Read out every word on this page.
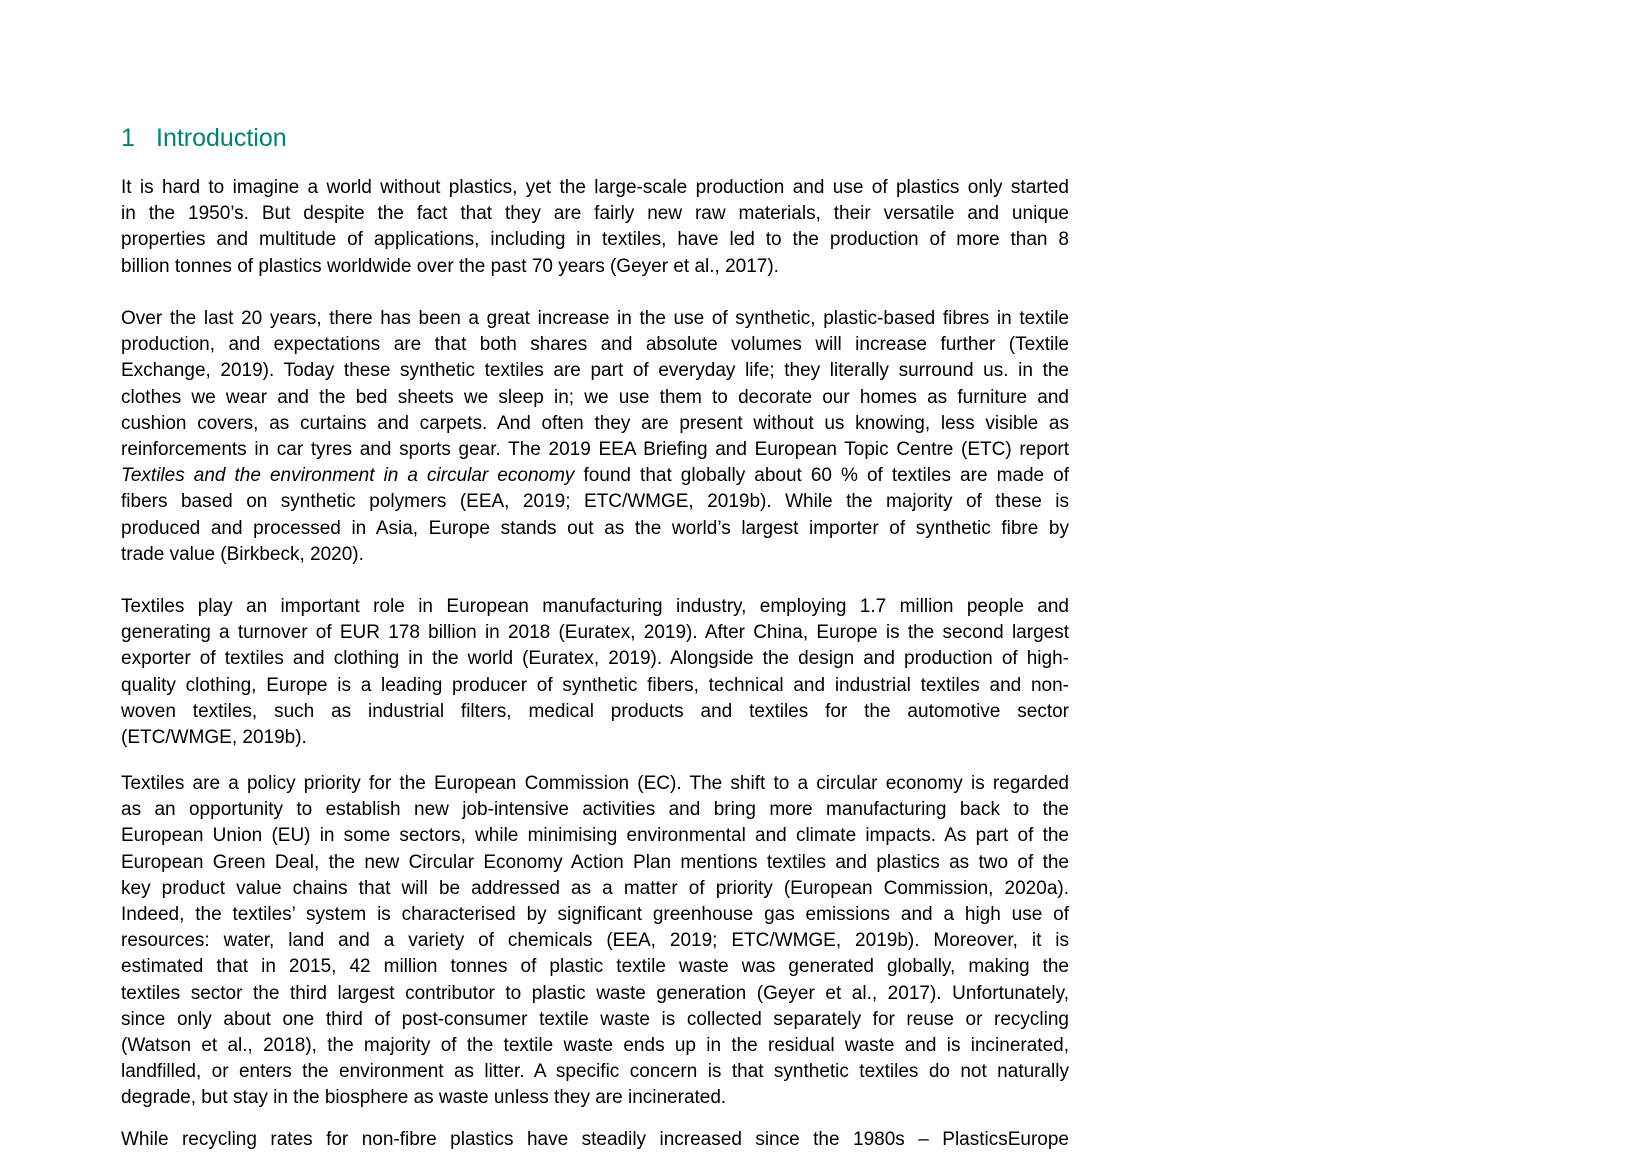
1 Introduction
It is hard to imagine a world without plastics, yet the large-scale production and use of plastics only started
in the 1950’s. But despite the fact that they are fairly new raw materials, their versatile and unique
properties and multitude of applications, including in textiles, have led to the production of more than 8
billion tonnes of plastics worldwide over the past 70 years (Geyer et al., 2017).
Over the last 20 years, there has been a great increase in the use of synthetic, plastic-based fibres in textile
production, and expectations are that both shares and absolute volumes will increase further (Textile
Exchange, 2019). Today these synthetic textiles are part of everyday life; they literally surround us. in the
clothes we wear and the bed sheets we sleep in; we use them to decorate our homes as furniture and
cushion covers, as curtains and carpets. And often they are present without us knowing, less visible as
reinforcements in car tyres and sports gear. The 2019 EEA Briefing and European Topic Centre (ETC) report
Textiles and the environment in a circular economy found that globally about 60 % of textiles are made of
fibers based on synthetic polymers (EEA, 2019; ETC/WMGE, 2019b). While the majority of these is
produced and processed in Asia, Europe stands out as the world’s largest importer of synthetic fibre by
trade value (Birkbeck, 2020).
Textiles play an important role in European manufacturing industry, employing 1.7 million people and
generating a turnover of EUR 178 billion in 2018 (Euratex, 2019). After China, Europe is the second largest
exporter of textiles and clothing in the world (Euratex, 2019). Alongside the design and production of high-
quality clothing, Europe is a leading producer of synthetic fibers, technical and industrial textiles and non-
woven textiles, such as industrial filters, medical products and textiles for the automotive sector
(ETC/WMGE, 2019b).
Textiles are a policy priority for the European Commission (EC). The shift to a circular economy is regarded
as an opportunity to establish new job-intensive activities and bring more manufacturing back to the
European Union (EU) in some sectors, while minimising environmental and climate impacts. As part of the
European Green Deal, the new Circular Economy Action Plan mentions textiles and plastics as two of the
key product value chains that will be addressed as a matter of priority (European Commission, 2020a).
Indeed, the textiles’ system is characterised by significant greenhouse gas emissions and a high use of
resources: water, land and a variety of chemicals (EEA, 2019; ETC/WMGE, 2019b). Moreover, it is
estimated that in 2015, 42 million tonnes of plastic textile waste was generated globally, making the
textiles sector the third largest contributor to plastic waste generation (Geyer et al., 2017). Unfortunately,
since only about one third of post-consumer textile waste is collected separately for reuse or recycling
(Watson et al., 2018), the majority of the textile waste ends up in the residual waste and is incinerated,
landfilled, or enters the environment as litter. A specific concern is that synthetic textiles do not naturally
degrade, but stay in the biosphere as waste unless they are incinerated.
While recycling rates for non-fibre plastics have steadily increased since the 1980s – PlasticsEurope
